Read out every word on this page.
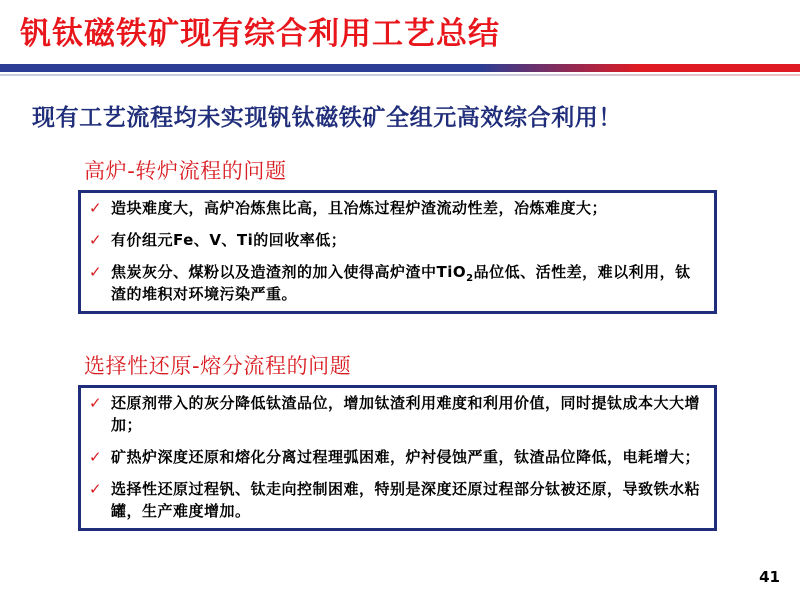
钒钛磁铁矿现有综合利用工艺总结
现有工艺流程均未实现钒钛磁铁矿全组元高效综合利用！
高炉-转炉流程的问题
✓ 造块难度大，高炉冶炼焦比高，且冶炼过程炉渣流动性差，冶炼难度大；
✓ 有价组元Fe、V、Ti的回收率低；
✓ 焦炭灰分、煤粉以及造渣剂的加入使得高炉渣中TiO$_2$品位低、活性差，难以利用，钛渣的堆积对环境污染严重。
选择性还原-熔分流程的问题
✓ 还原剂带入的灰分降低钛渣品位，增加钛渣利用难度和利用价值，同时提钛成本大大增加；
✓ 矿热炉深度还原和熔化分离过程理弧困难，炉衬侵蚀严重，钛渣品位降低，电耗增大；
✓ 选择性还原过程钒、钛走向控制困难，特别是深度还原过程部分钛被还原，导致铁水粘罐，生产难度增加。
41
